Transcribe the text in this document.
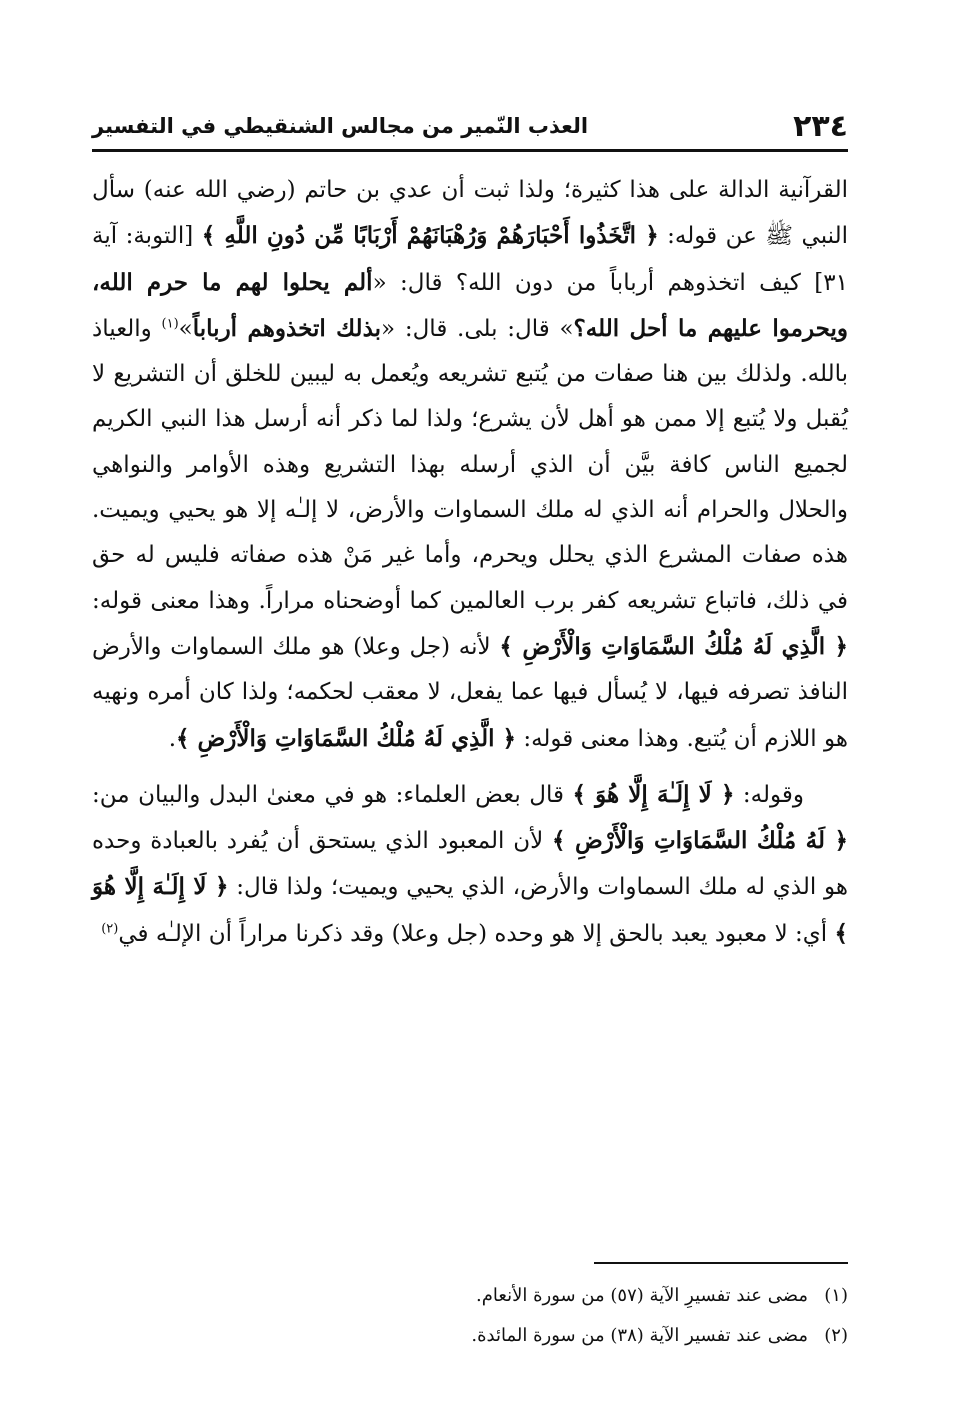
٢٣٤
العذب النّمير من مجالس الشنقيطي في التفسير

القرآنية الدالة على هذا كثيرة؛ ولذا ثبت أن عدي بن حاتم (رضي الله عنه) سأل النبي ﷺ عن قوله: ﴿ اتَّخَذُوا أَحْبَارَهُمْ وَرُهْبَانَهُمْ أَرْبَابًا مِّن دُونِ اللَّهِ ﴾ [التوبة: آية ٣١] كيف اتخذوهم أرباباً من دون الله؟ قال: «ألم يحلوا لهم ما حرم الله، ويحرموا عليهم ما أحل الله؟» قال: بلى. قال: «بذلك اتخذوهم أرباباً»$^{(١)}$ والعياذ بالله. ولذلك بين هنا صفات من يُتبع تشريعه ويُعمل به ليبين للخلق أن التشريع لا يُقبل ولا يُتبع إلا ممن هو أهل لأن يشرع؛ ولذا لما ذكر أنه أرسل هذا النبي الكريم لجميع الناس كافة بيَّن أن الذي أرسله بهذا التشريع وهذه الأوامر والنواهي والحلال والحرام أنه الذي له ملك السماوات والأرض، لا إلـٰه إلا هو يحيي ويميت. هذه صفات المشرع الذي يحلل ويحرم، وأما غير مَنْ هذه صفاته فليس له حق في ذلك، فاتباع تشريعه كفر برب العالمين كما أوضحناه مراراً. وهذا معنى قوله: ﴿ الَّذِي لَهُ مُلْكُ السَّمَاوَاتِ وَالْأَرْضِ ﴾ لأنه (جل وعلا) هو ملك السماوات والأرض النافذ تصرفه فيها، لا يُسأل فيها عما يفعل، لا معقب لحكمه؛ ولذا كان أمره ونهيه هو اللازم أن يُتبع. وهذا معنى قوله: ﴿ الَّذِي لَهُ مُلْكُ السَّمَاوَاتِ وَالْأَرْضِ ﴾.

وقوله: ﴿ لَا إِلَـٰهَ إِلَّا هُوَ ﴾ قال بعض العلماء: هو في معنىٰ البدل والبيان من: ﴿ لَهُ مُلْكُ السَّمَاوَاتِ وَالْأَرْضِ ﴾ لأن المعبود الذي يستحق أن يُفرد بالعبادة وحده هو الذي له ملك السماوات والأرض، الذي يحيي ويميت؛ ولذا قال: ﴿ لَا إِلَـٰهَ إِلَّا هُوَ ﴾ أي: لا معبود يعبد بالحق إلا هو وحده (جل وعلا) وقد ذكرنا مراراً أن الإلـٰه في$^{(٢)}$

(١)مضى عند تفسيرِ الآية (٥٧) من سورة الأنعام.

(٢)مضى عند تفسير الآية (٣٨) من سورة المائدة.
